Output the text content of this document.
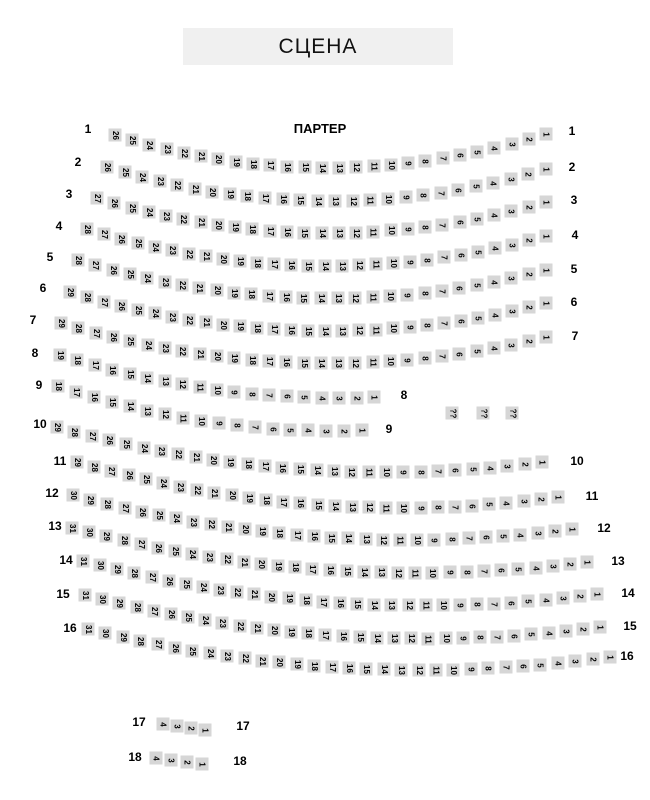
СЦЕНА
ПАРТЕР
26
25
24 23 22 21 20 19 18 17 16 15 14 13 12 11 10 9 8
7
6
5
4
3
2
1
1	1
26
25
24 23 22 21 20 19 18 17 16 15 14 13 12 11 10 9 8 7
6
5
4
3
2
1
2	2
27
26
25 24 23 22 21 20 19 18 17 16 15 14 13 12 11 10 9 8 7
6
5
4
3
2
1
3	3
28
27
26 25 24 23 22 21 20 19 18 17 16 15 14 13 12 11 10 9 8
7 6
5
4
3
2
1
4
4
28
27
26 25 24 23 22 21 20 19 18 17 16 15 14 13 12 11 10 9 8 7
6
5
4
3
2
1
5
5
29
28
27 26 25 24 23 22 21 20 19 18 17 16 15 14 13 12 11 10 9 8 7 6
5
4
3
2
1
6
6
29
28
27 26 25 24 23 22 21 20 19 18 17 16 15 14 13 12 11 10 9 8 7 6
5
4
3
2
1
7
7
19
18
17
16 15 14 13 12 11 10 9 8 7 6 5 4 3 2 1
8
8
18
17
16
15 14
13 12 11 10 9 8 7 6 5 4 3 2 1
9
9
??	??	??
29
28 27 26 25 24 23 22 21 20 19 18 17 16 15 14 13 12 11 10 9 8 7 6 5 4 3 2 1
10
10
29
28 27 26 25 24 23 22 21 20 19 18 17 16 15 14 13 12 11 10 9 8 7 6 5 4 3 2 1
11
11
30
29 28 27 26 25 24 23 22 21 20 19 18 17 16 15 14 13 12 11 10 9 8 7 6 5 4 3 2 1
12
12
31 30 29 28 27 26 25 24 23 22 21 20 19 18 17 16 15 14 13 12 11 10 9 8 7 6 5 4 3 2 1
13
13
31 30 29 28 27 26 25 24 23 22 21 20 19 18 17 16 15 14 13 12 11 10 9 8 7 6 5 4 3 2 1
14
14
31 30 29 28 27 26 25 24 23 22 21 20 19 18 17 16 15 14 13 12 11 10 9 8 7 6 5 4 3 2 1
15
15
31 30 29 28 27 26 25 24 23 22 21 20 19 18 17 16 15 14 13 12 11 10 9 8 7 6 5 4 3 2 1
16
16
4 3 2 1
17	17
4 3 2 1
18	18
